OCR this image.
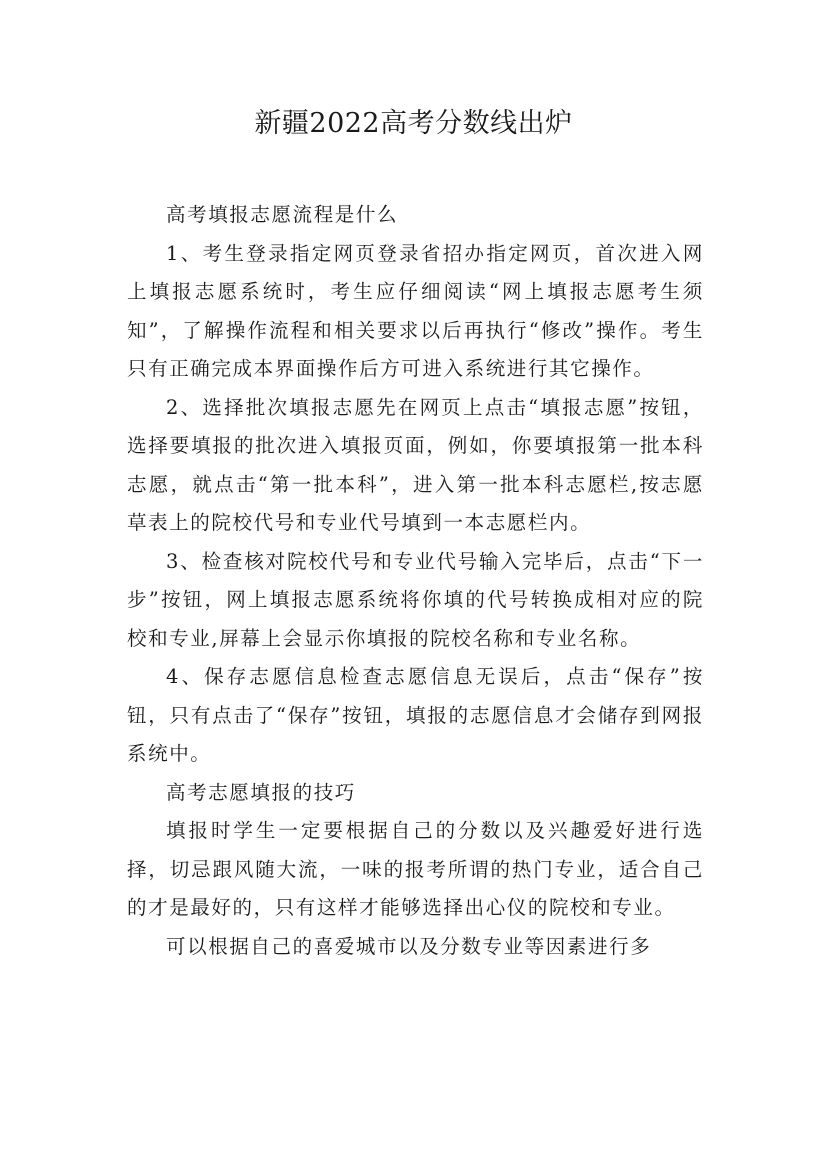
新疆2022高考分数线出炉

高考填报志愿流程是什么

1、考生登录指定网页登录省招办指定网页，首次进入网上填报志愿系统时，考生应仔细阅读“网上填报志愿考生须知”，了解操作流程和相关要求以后再执行“修改”操作。考生只有正确完成本界面操作后方可进入系统进行其它操作。

2、选择批次填报志愿先在网页上点击“填报志愿”按钮，选择要填报的批次进入填报页面，例如，你要填报第一批本科志愿，就点击“第一批本科”，进入第一批本科志愿栏,按志愿草表上的院校代号和专业代号填到一本志愿栏内。

3、检查核对院校代号和专业代号输入完毕后，点击“下一步”按钮，网上填报志愿系统将你填的代号转换成相对应的院校和专业,屏幕上会显示你填报的院校名称和专业名称。

4、保存志愿信息检查志愿信息无误后，点击“保存”按钮，只有点击了“保存”按钮，填报的志愿信息才会储存到网报系统中。

高考志愿填报的技巧

填报时学生一定要根据自己的分数以及兴趣爱好进行选择，切忌跟风随大流，一味的报考所谓的热门专业，适合自己的才是最好的，只有这样才能够选择出心仪的院校和专业。

可以根据自己的喜爱城市以及分数专业等因素进行多
